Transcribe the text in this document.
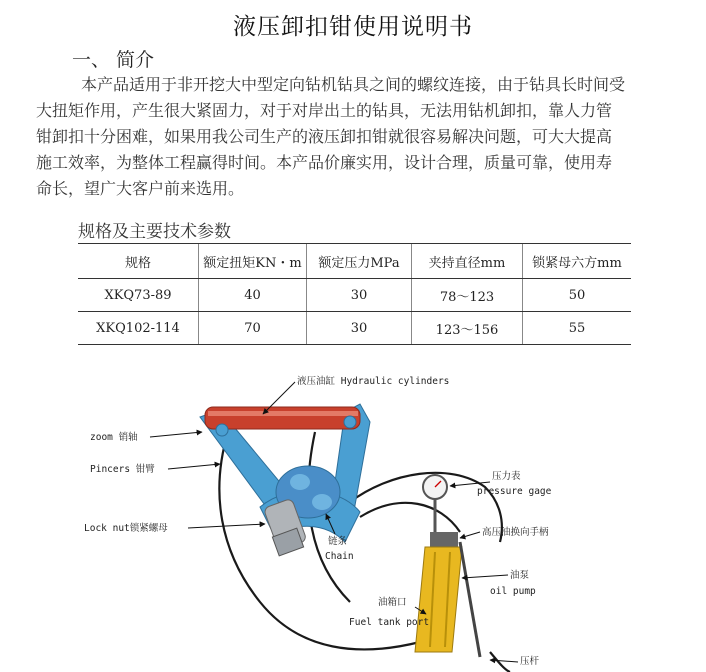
液压卸扣钳使用说明书
一、 简介
本产品适用于非开挖大中型定向钻机钻具之间的螺纹连接，由于钻具长时间受
大扭矩作用，产生很大紧固力，对于对岸出土的钻具，无法用钻机卸扣，靠人力管
钳卸扣十分困难，如果用我公司生产的液压卸扣钳就很容易解决问题，可大大提高
施工效率，为整体工程赢得时间。本产品价廉实用，设计合理，质量可靠，使用寿
命长，望广大客户前来选用。
规格及主要技术参数
规格	额定扭矩KN・m	额定压力MPa	夹持直径mm	锁紧母六方mm
XKQ73-89	40	30	78～123	50
XKQ102-114	70	30	123～156	55
液压油缸 Hydraulic cylinders
zoom 销轴
Pincers 钳臂
Lock nut锁紧螺母
链条
Chain
压力表
pressure gage
高压油换向手柄
油泵
oil pump
油箱口
Fuel tank port
压杆
